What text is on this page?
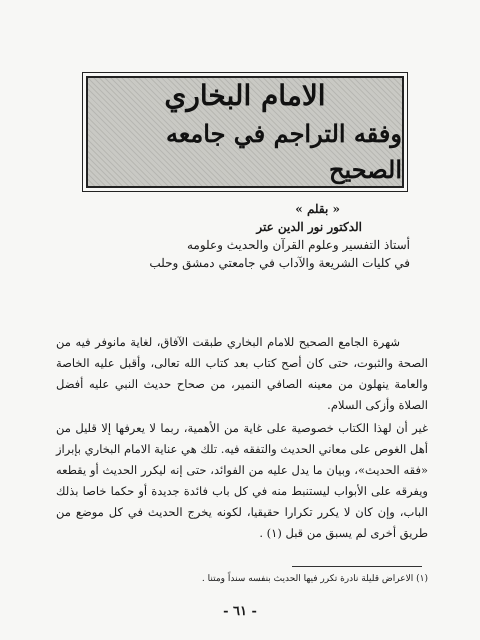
الامام البخاري
وفقه التراجم في جامعه الصحيح
« بقلم »
الدكتور نور الدين عتر
أستاذ التفسير وعلوم القرآن والحديث وعلومه
في كليات الشريعة والآداب في جامعتي دمشق وحلب

شهرة الجامع الصحيح للامام البخاري طبقت الآفاق، لغاية مانوفر فيه من الصحة والثبوت، حتى كان أصح كتاب بعد كتاب الله تعالى، وأقبل عليه الخاصة والعامة ينهلون من معينه الصافي النمير، من صحاح حديث النبي عليه أفضل الصلاة وأزكى السلام.

غير أن لهذا الكتاب خصوصية على غاية من الأهمية، ربما لا يعرفها إلا قليل من أهل الغوص على معاني الحديث والتفقه فيه. تلك هي عناية الامام البخاري بإبراز «فقه الحديث»، وبيان ما يدل عليه من الفوائد، حتى إنه ليكرر الحديث أو يقطعه ويفرقه على الأبواب ليستنبط منه في كل باب فائدة جديدة أو حكما خاصا بذلك الباب، وإن كان لا يكرر تكرارا حقيقيا، لكونه يخرج الحديث في كل موضع من طريق أخرى لم يسبق من قبل (١) .

(١) الاعراض قليلة نادرة تكرر فيها الحديث بنفسه سنداً ومتنا .
- ٦١ -
